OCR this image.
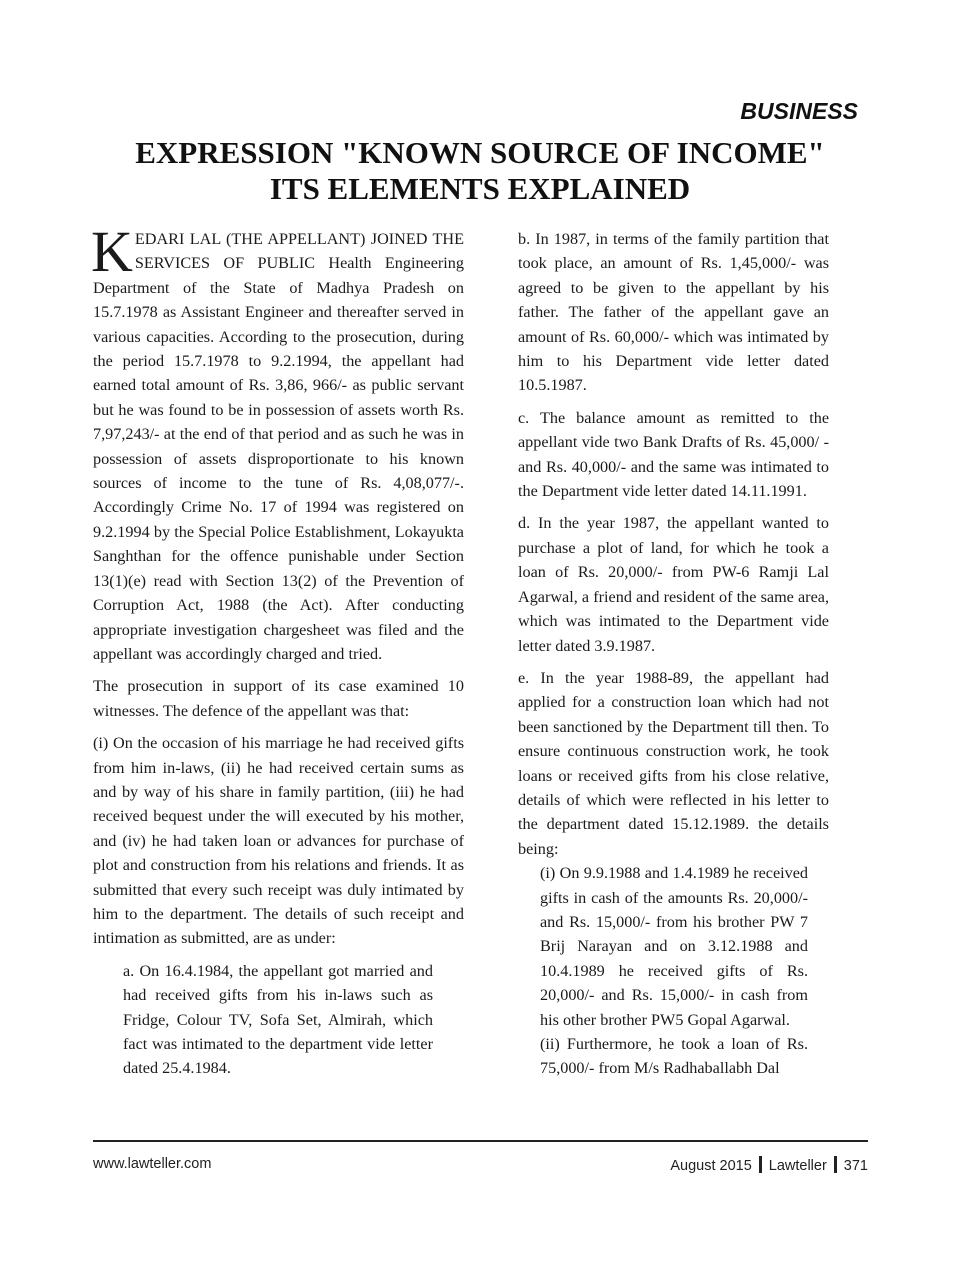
BUSINESS
EXPRESSION "KNOWN SOURCE OF INCOME"
ITS ELEMENTS EXPLAINED

KEDARI LAL (THE APPELLANT) JOINED THE SERVICES OF PUBLIC Health Engineering Department of the State of Madhya Pradesh on 15.7.1978 as Assistant Engineer and thereafter served in various capacities. According to the prosecution, during the period 15.7.1978 to 9.2.1994, the appellant had earned total amount of Rs. 3,86, 966/- as public servant but he was found to be in possession of assets worth Rs. 7,97,243/- at the end of that period and as such he was in possession of assets disproportionate to his known sources of income to the tune of Rs. 4,08,077/-. Accordingly Crime No. 17 of 1994 was registered on 9.2.1994 by the Special Police Establishment, Lokayukta Sanghthan for the offence punishable under Section 13(1)(e) read with Section 13(2) of the Prevention of Corruption Act, 1988 (the Act). After conducting appropriate investigation chargesheet was filed and the appellant was accordingly charged and tried.

The prosecution in support of its case examined 10 witnesses. The defence of the appellant was that:

(i) On the occasion of his marriage he had received gifts from him in-laws, (ii) he had received certain sums as and by way of his share in family partition, (iii) he had received bequest under the will executed by his mother, and (iv) he had taken loan or advances for purchase of plot and construction from his relations and friends. It as submitted that every such receipt was duly intimated by him to the department. The details of such receipt and intimation as submitted, are as under:

a. On 16.4.1984, the appellant got married and had received gifts from his in-laws such as Fridge, Colour TV, Sofa Set, Almirah, which fact was intimated to the department vide letter dated 25.4.1984.

b. In 1987, in terms of the family partition that took place, an amount of Rs. 1,45,000/- was agreed to be given to the appellant by his father. The father of the appellant gave an amount of Rs. 60,000/- which was intimated by him to his Department vide letter dated 10.5.1987.

c. The balance amount as remitted to the appellant vide two Bank Drafts of Rs. 45,000/ - and Rs. 40,000/- and the same was intimated to the Department vide letter dated 14.11.1991.

d. In the year 1987, the appellant wanted to purchase a plot of land, for which he took a loan of Rs. 20,000/- from PW-6 Ramji Lal Agarwal, a friend and resident of the same area, which was intimated to the Department vide letter dated 3.9.1987.

e. In the year 1988-89, the appellant had applied for a construction loan which had not been sanctioned by the Department till then. To ensure continuous construction work, he took loans or received gifts from his close relative, details of which were reflected in his letter to the department dated 15.12.1989. the details being:

(i) On 9.9.1988 and 1.4.1989 he received gifts in cash of the amounts Rs. 20,000/- and Rs. 15,000/- from his brother PW 7 Brij Narayan and on 3.12.1988 and 10.4.1989 he received gifts of Rs. 20,000/- and Rs. 15,000/- in cash from his other brother PW5 Gopal Agarwal.

(ii) Furthermore, he took a loan of Rs. 75,000/- from M/s Radhaballabh Dal

www.lawteller.com	August 2015 Lawteller 371
